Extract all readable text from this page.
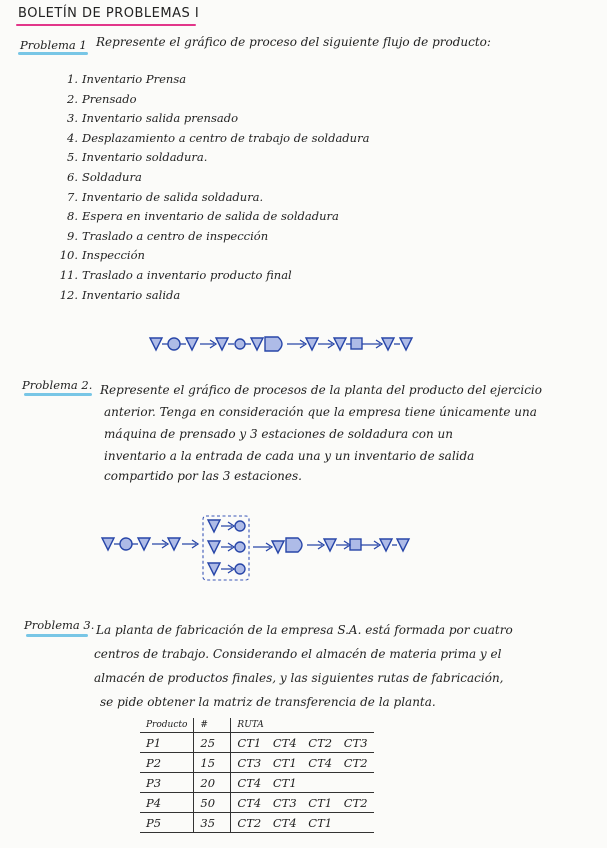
BOLETÍN DE PROBLEMAS I
Problema 1 Represente el gráfico de proceso del siguiente flujo de producto:
1. Inventario Prensa
2. Prensado
3. Inventario salida prensado
4. Desplazamiento a centro de trabajo de soldadura
5. Inventario soldadura.
6. Soldadura
7. Inventario de salida soldadura.
8. Espera en inventario de salida de soldadura
9. Traslado a centro de inspección
10. Inspección
11. Traslado a inventario producto final
12. Inventario salida
Problema 2. Represente el gráfico de procesos de la planta del producto del ejercicio
anterior. Tenga en consideración que la empresa tiene únicamente una
máquina de prensado y 3 estaciones de soldadura con un
inventario a la entrada de cada una y un inventario de salida
compartido por las 3 estaciones.
Problema 3. La planta de fabricación de la empresa S.A. está formada por cuatro
centros de trabajo. Considerando el almacén de materia prima y el
almacén de productos finales, y las siguientes rutas de fabricación,
se pide obtener la matriz de transferencia de la planta.
Producto	#	RUTA
P1	25	CT1 CT4 CT2 CT3
P2	15	CT3 CT1 CT4 CT2
P3	20	CT4 CT1
P4	50	CT4 CT3 CT1 CT2
P5	35	CT2 CT4 CT1
